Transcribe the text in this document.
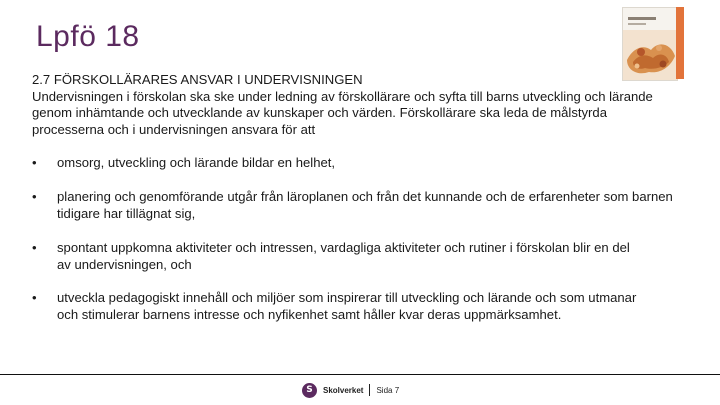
Lpfö 18
2.7 FÖRSKOLLÄRARES ANSVAR I UNDERVISNINGEN
Undervisningen i förskolan ska ske under ledning av förskollärare och syfta till barns utveckling och lärande
genom inhämtande och utvecklande av kunskaper och värden. Förskollärare ska leda de målstyrda
processerna och i undervisningen ansvara för att
•	omsorg, utveckling och lärande bildar en helhet,
•	planering och genomförande utgår från läroplanen och från det kunnande och de erfarenheter som barnen
tidigare har tillägnat sig,
•	spontant uppkomna aktiviteter och intressen, vardagliga aktiviteter och rutiner i förskolan blir en del
av undervisningen, och
•	utveckla pedagogiskt innehåll och miljöer som inspirerar till utveckling och lärande och som utmanar
och stimulerar barnens intresse och nyfikenhet samt håller kvar deras uppmärksamhet.
S Skolverket Sida 7
